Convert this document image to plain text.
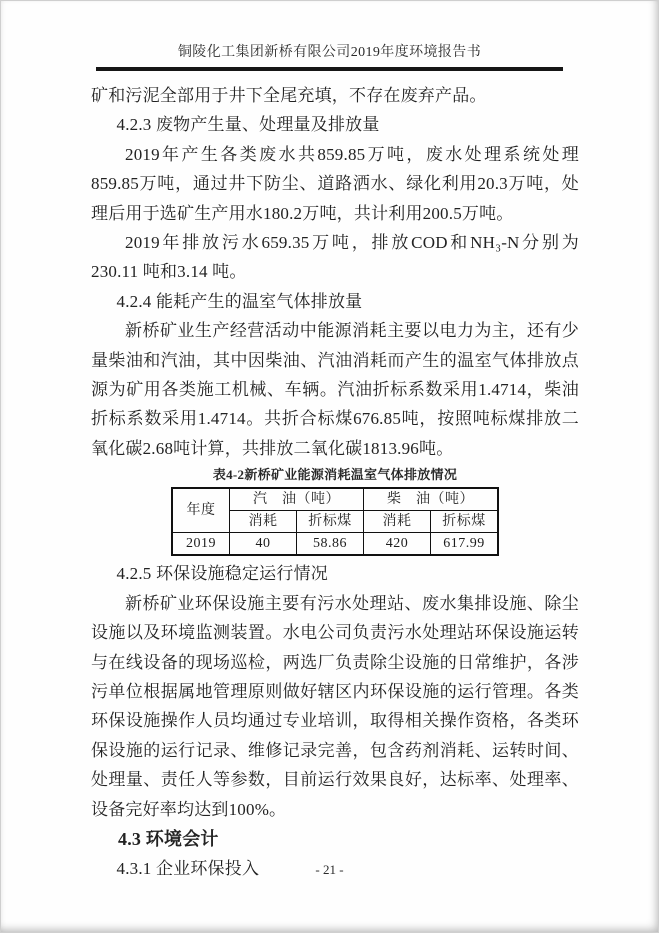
铜陵化工集团新桥有限公司2019年度环境报告书

矿和污泥全部用于井下全尾充填，不存在废弃产品。

4.2.3 废物产生量、处理量及排放量

2019年产生各类废水共859.85万吨，废水处理系统处理859.85万吨，通过井下防尘、道路洒水、绿化利用20.3万吨，处理后用于选矿生产用水180.2万吨，共计利用200.5万吨。

2019年排放污水659.35万吨，排放COD和NH₃-N分别为230.11 吨和3.14 吨。

4.2.4 能耗产生的温室气体排放量

新桥矿业生产经营活动中能源消耗主要以电力为主，还有少量柴油和汽油，其中因柴油、汽油消耗而产生的温室气体排放点源为矿用各类施工机械、车辆。汽油折标系数采用1.4714，柴油折标系数采用1.4714。共折合标煤676.85吨，按照吨标煤排放二氧化碳2.68吨计算，共排放二氧化碳1813.96吨。

表4-2新桥矿业能源消耗温室气体排放情况
年度	汽　油（吨）		柴　油（吨）	
	消耗	折标煤	消耗	折标煤
2019	40	58.86	420	617.99

4.2.5 环保设施稳定运行情况

新桥矿业环保设施主要有污水处理站、废水集排设施、除尘设施以及环境监测装置。水电公司负责污水处理站环保设施运转与在线设备的现场巡检，两选厂负责除尘设施的日常维护，各涉污单位根据属地管理原则做好辖区内环保设施的运行管理。各类环保设施操作人员均通过专业培训，取得相关操作资格，各类环保设施的运行记录、维修记录完善，包含药剂消耗、运转时间、处理量、责任人等参数，目前运行效果良好，达标率、处理率、设备完好率均达到100%。

4.3 环境会计

4.3.1 企业环保投入	- 21 -
